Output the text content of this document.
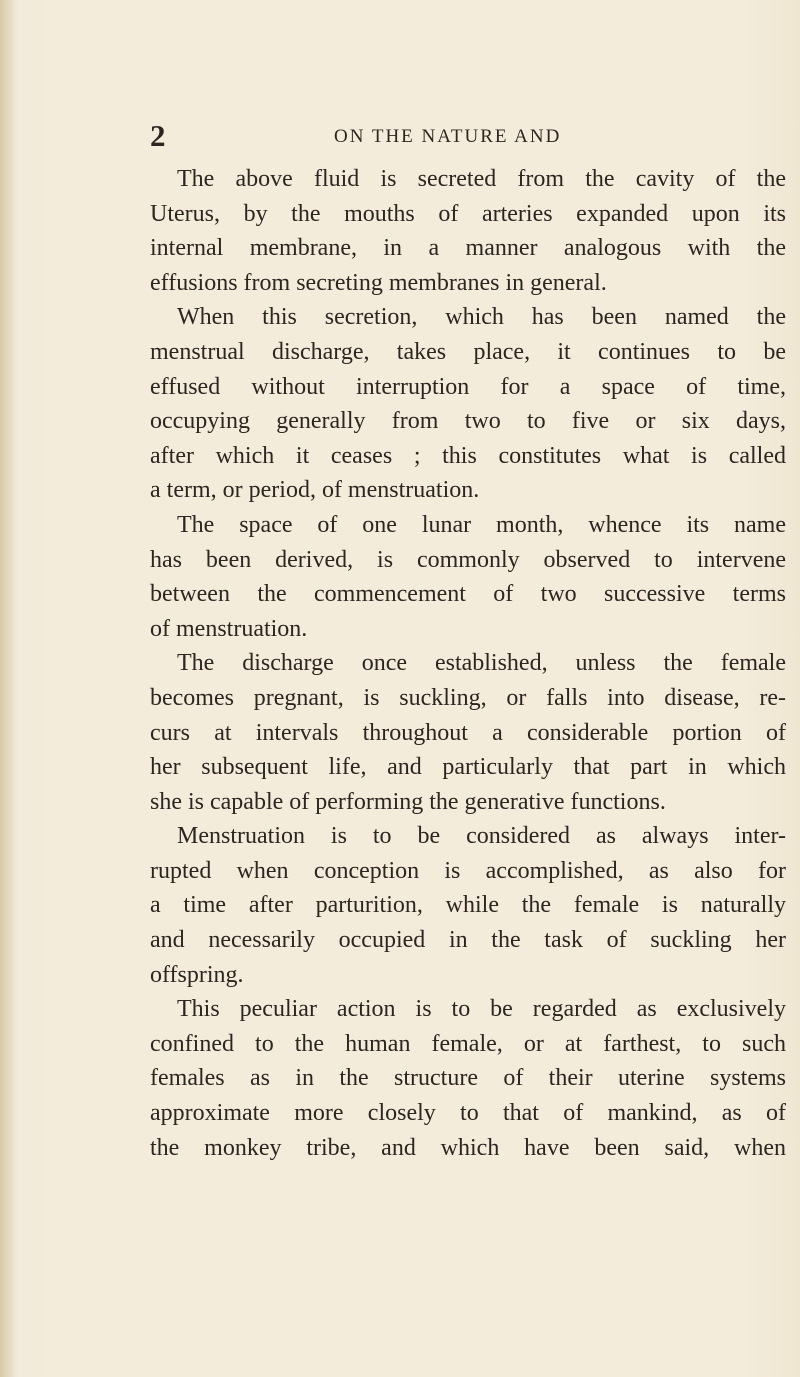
2	ON THE NATURE AND
The above fluid is secreted from the cavity of the
Uterus, by the mouths of arteries expanded upon its
internal membrane, in a manner analogous with the
effusions from secreting membranes in general.
When this secretion, which has been named the
menstrual discharge, takes place, it continues to be
effused without interruption for a space of time,
occupying generally from two to five or six days,
after which it ceases ; this constitutes what is called
a term, or period, of menstruation.
The space of one lunar month, whence its name
has been derived, is commonly observed to intervene
between the commencement of two successive terms
of menstruation.
The discharge once established, unless the female
becomes pregnant, is suckling, or falls into disease, re-
curs at intervals throughout a considerable portion of
her subsequent life, and particularly that part in which
she is capable of performing the generative functions.
Menstruation is to be considered as always inter-
rupted when conception is accomplished, as also for
a time after parturition, while the female is naturally
and necessarily occupied in the task of suckling her
offspring.
This peculiar action is to be regarded as exclusively
confined to the human female, or at farthest, to such
females as in the structure of their uterine systems
approximate more closely to that of mankind, as of
the monkey tribe, and which have been said, when
